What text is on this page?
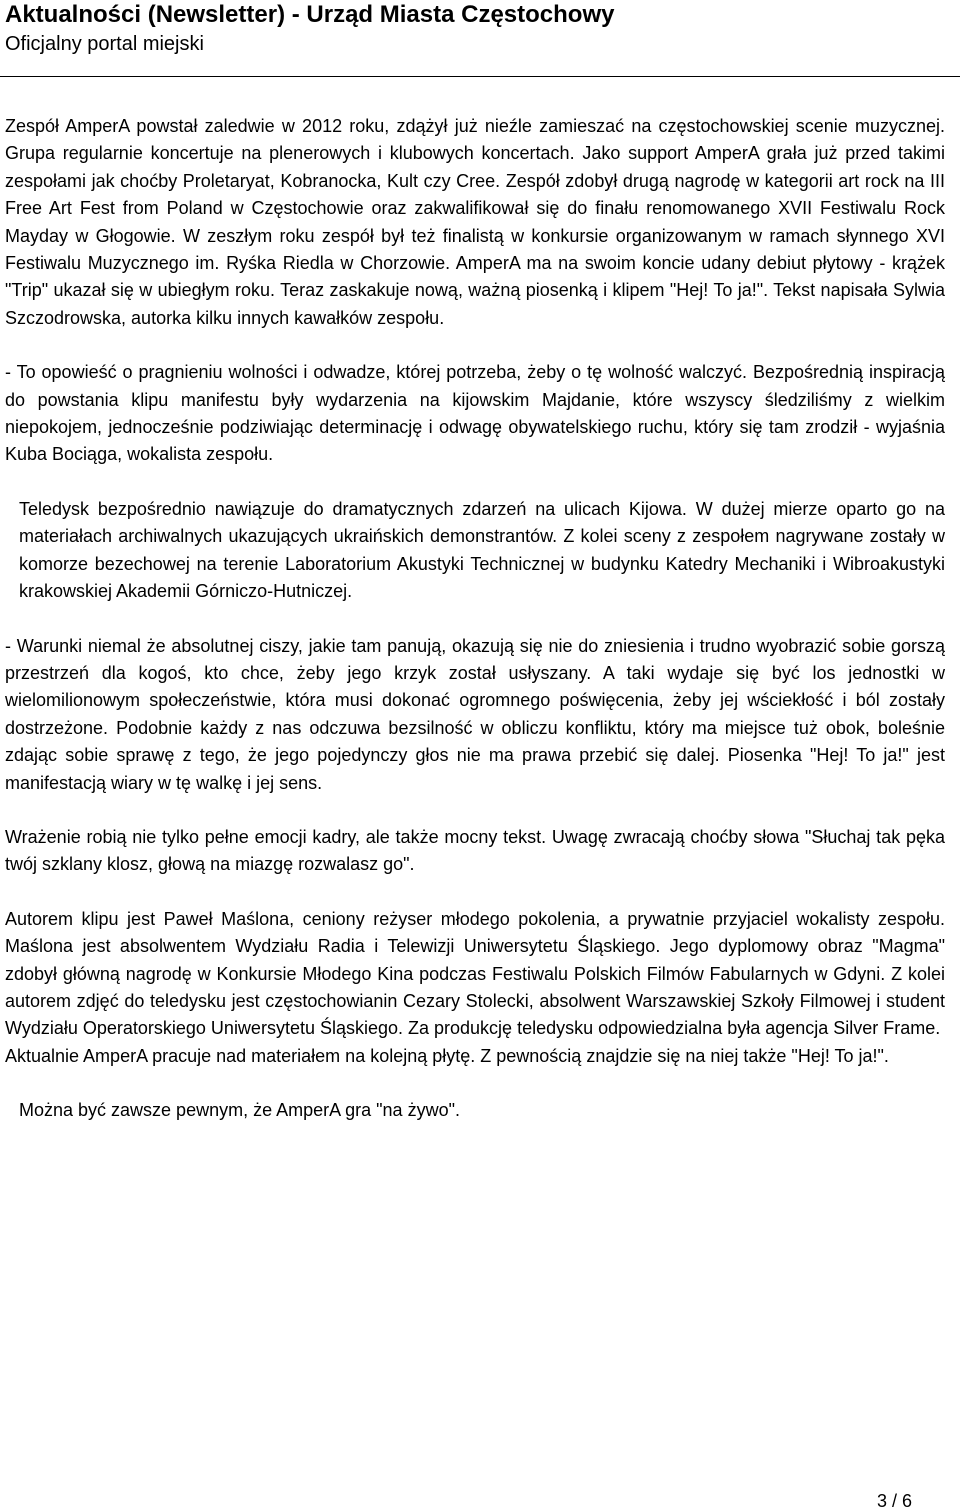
Aktualności (Newsletter) - Urząd Miasta Częstochowy
Oficjalny portal miejski

Zespół AmperA powstał zaledwie w 2012 roku, zdążył już nieźle zamieszać na częstochowskiej scenie muzycznej. Grupa regularnie koncertuje na plenerowych i klubowych koncertach. Jako support AmperA grała już przed takimi zespołami jak choćby Proletaryat, Kobranocka, Kult czy Cree. Zespół zdobył drugą nagrodę w kategorii art rock na III Free Art Fest from Poland w Częstochowie oraz zakwalifikował się do finału renomowanego XVII Festiwalu Rock Mayday w Głogowie. W zeszłym roku zespół był też finalistą w konkursie organizowanym w ramach słynnego XVI Festiwalu Muzycznego im. Ryśka Riedla w Chorzowie. AmperA ma na swoim koncie udany debiut płytowy - krążek "Trip" ukazał się w ubiegłym roku. Teraz zaskakuje nową, ważną piosenką i klipem "Hej! To ja!". Tekst napisała Sylwia Szczodrowska, autorka kilku innych kawałków zespołu.

- To opowieść o pragnieniu wolności i odwadze, której potrzeba, żeby o tę wolność walczyć. Bezpośrednią inspiracją do powstania klipu manifestu były wydarzenia na kijowskim Majdanie, które wszyscy śledziliśmy z wielkim niepokojem, jednocześnie podziwiając determinację i odwagę obywatelskiego ruchu, który się tam zrodził - wyjaśnia Kuba Bociąga, wokalista zespołu.

Teledysk bezpośrednio nawiązuje do dramatycznych zdarzeń na ulicach Kijowa. W dużej mierze oparto go na materiałach archiwalnych ukazujących ukraińskich demonstrantów. Z kolei sceny z zespołem nagrywane zostały w komorze bezechowej na terenie Laboratorium Akustyki Technicznej w budynku Katedry Mechaniki i Wibroakustyki krakowskiej Akademii Górniczo-Hutniczej.

- Warunki niemal że absolutnej ciszy, jakie tam panują, okazują się nie do zniesienia i trudno wyobrazić sobie gorszą przestrzeń dla kogoś, kto chce, żeby jego krzyk został usłyszany. A taki wydaje się być los jednostki w wielomilionowym społeczeństwie, która musi dokonać ogromnego poświęcenia, żeby jej wściekłość i ból zostały dostrzeżone. Podobnie każdy z nas odczuwa bezsilność w obliczu konfliktu, który ma miejsce tuż obok, boleśnie zdając sobie sprawę z tego, że jego pojedynczy głos nie ma prawa przebić się dalej. Piosenka "Hej! To ja!" jest manifestacją wiary w tę walkę i jej sens.

Wrażenie robią nie tylko pełne emocji kadry, ale także mocny tekst. Uwagę zwracają choćby słowa "Słuchaj tak pęka twój szklany klosz, głową na miazgę rozwalasz go".

Autorem klipu jest Paweł Maślona, ceniony reżyser młodego pokolenia, a prywatnie przyjaciel wokalisty zespołu. Maślona jest absolwentem Wydziału Radia i Telewizji Uniwersytetu Śląskiego. Jego dyplomowy obraz "Magma" zdobył główną nagrodę w Konkursie Młodego Kina podczas Festiwalu Polskich Filmów Fabularnych w Gdyni. Z kolei autorem zdjęć do teledysku jest częstochowianin Cezary Stolecki, absolwent Warszawskiej Szkoły Filmowej i student Wydziału Operatorskiego Uniwersytetu Śląskiego. Za produkcję teledysku odpowiedzialna była agencja Silver Frame.

Aktualnie AmperA pracuje nad materiałem na kolejną płytę. Z pewnością znajdzie się na niej także "Hej! To ja!".

Można być zawsze pewnym, że AmperA gra "na żywo".

3 / 6
